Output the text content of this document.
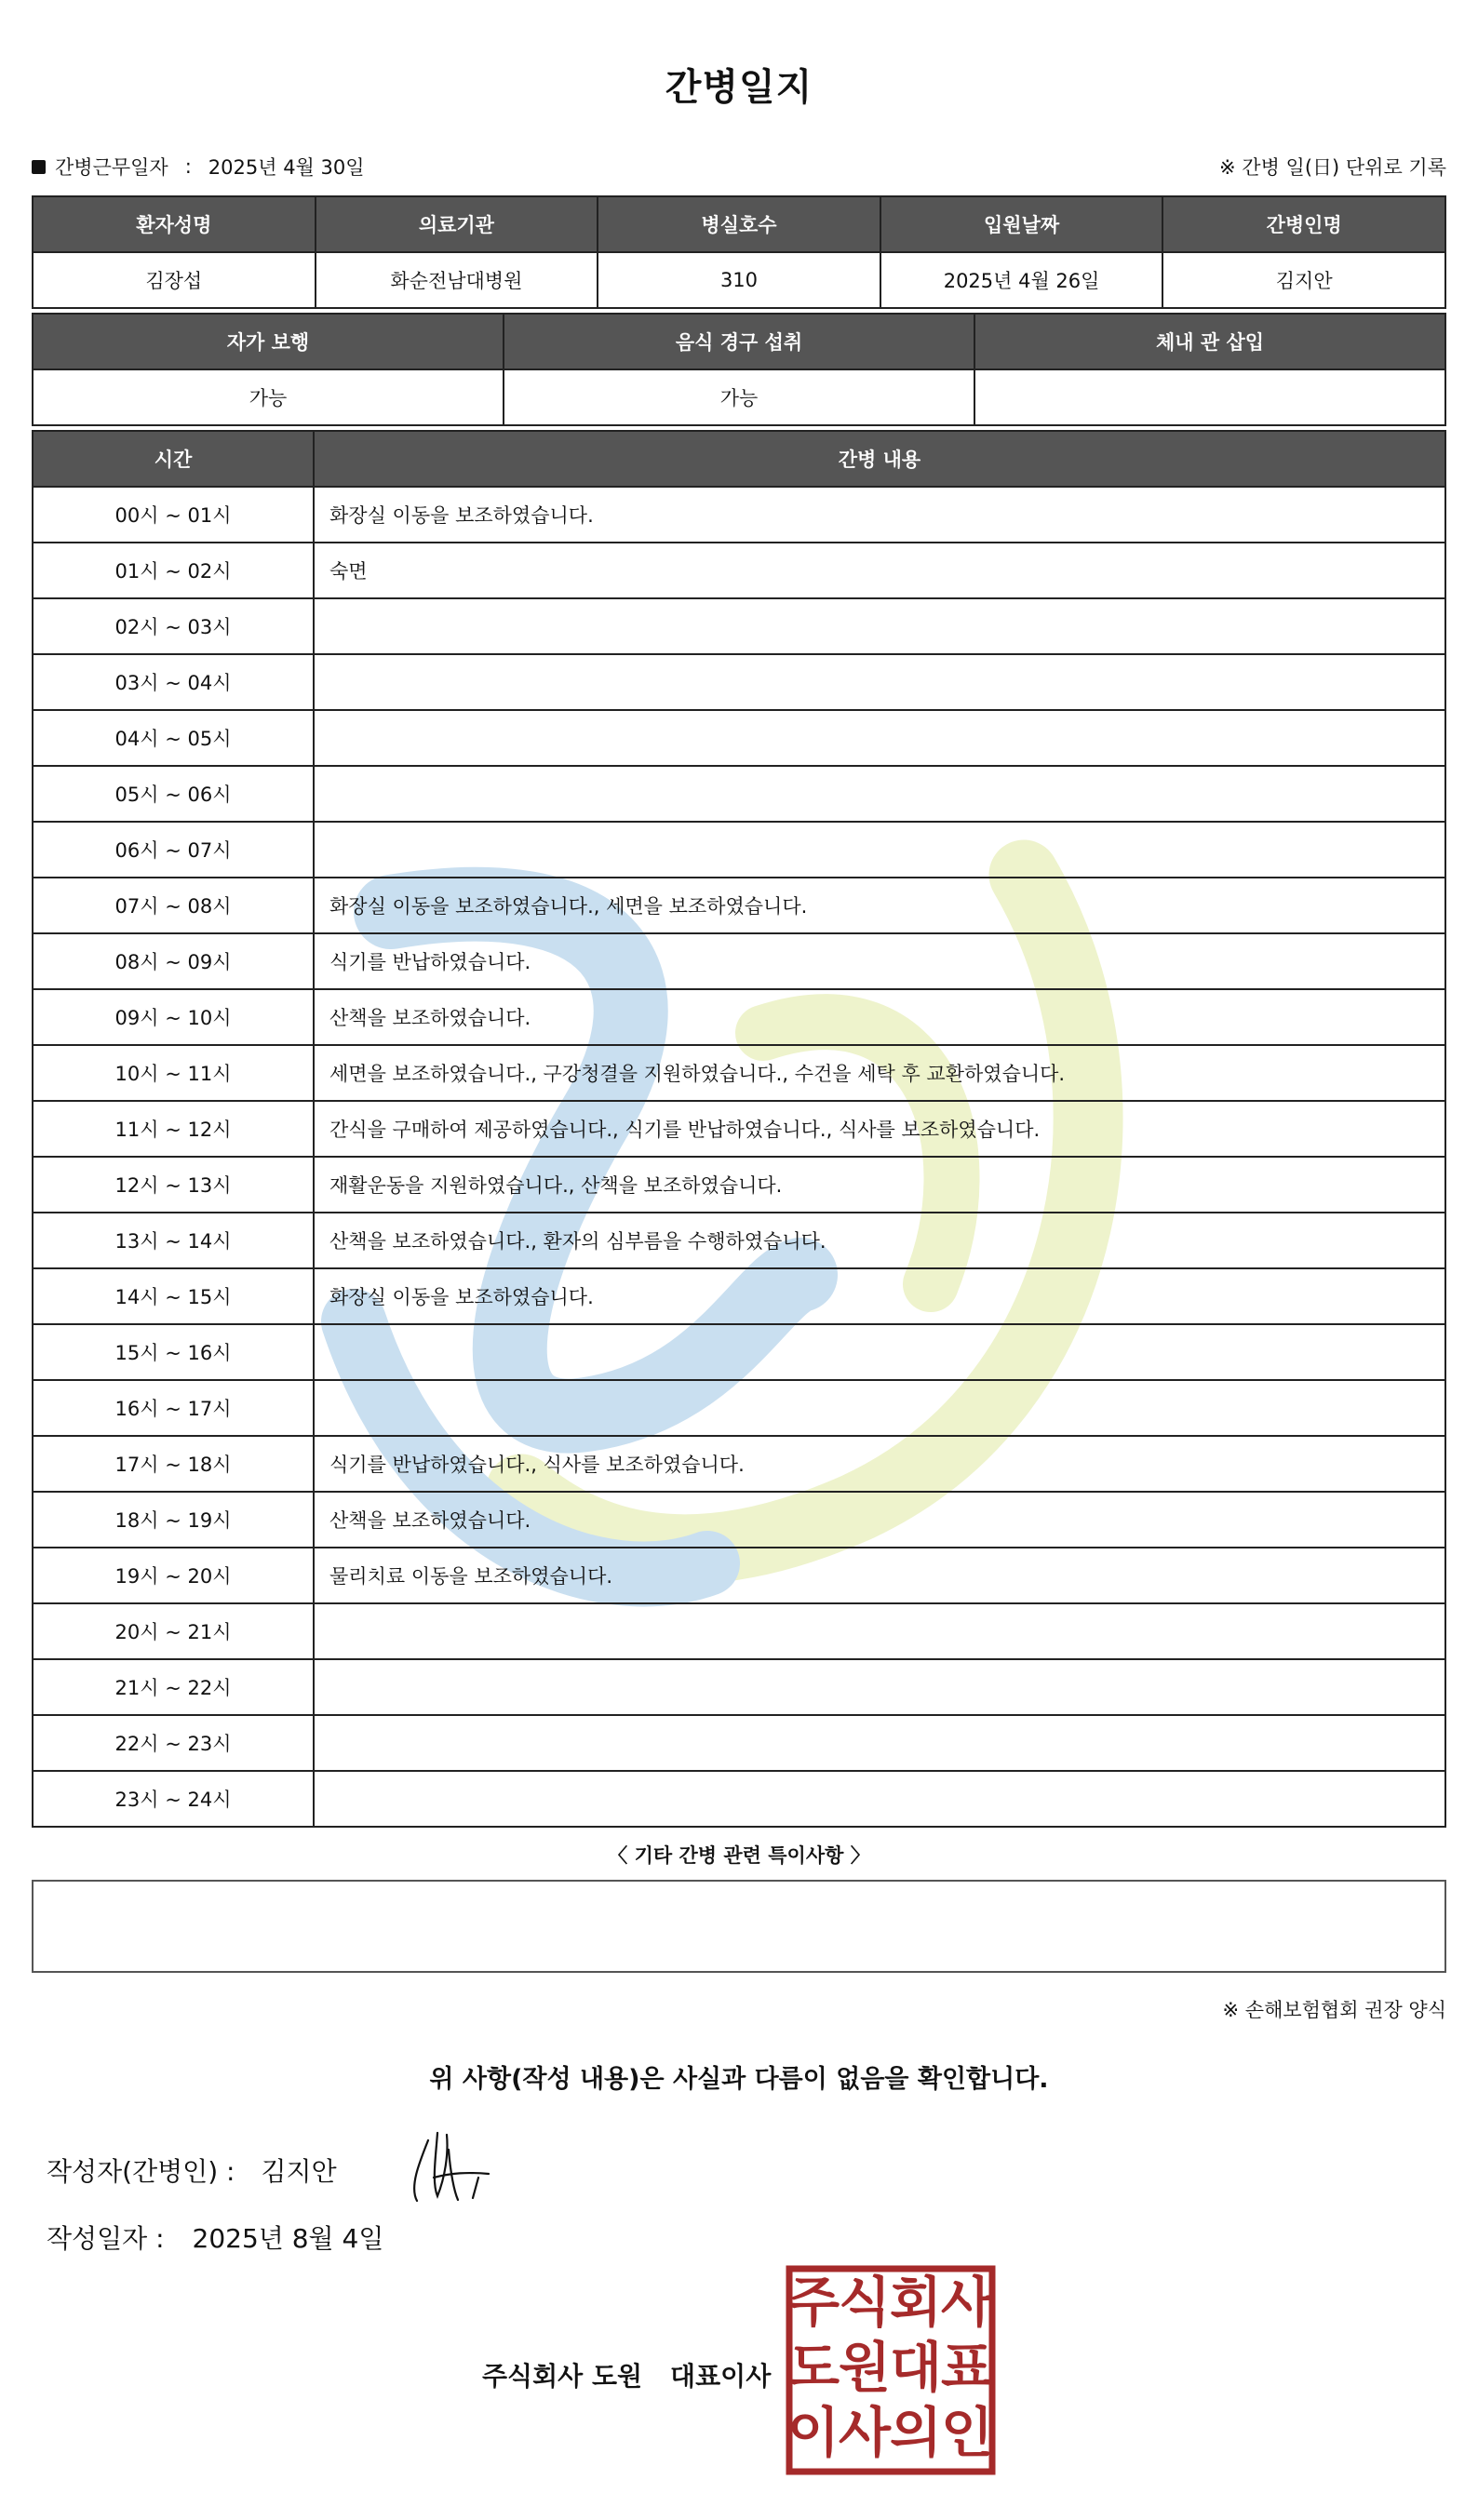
간병일지
간병근무일자 : 2025년 4월 30일	※ 간병 일(日) 단위로 기록
환자성명	의료기관	병실호수	입원날짜	간병인명
김장섭	화순전남대병원	310	2025년 4월 26일	김지안
자가 보행	음식 경구 섭취	체내 관 삽입
가능	가능	
시간	간병 내용
00시 ~ 01시	화장실 이동을 보조하였습니다.
01시 ~ 02시	숙면
02시 ~ 03시	
03시 ~ 04시	
04시 ~ 05시	
05시 ~ 06시	
06시 ~ 07시	
07시 ~ 08시	화장실 이동을 보조하였습니다., 세면을 보조하였습니다.
08시 ~ 09시	식기를 반납하였습니다.
09시 ~ 10시	산책을 보조하였습니다.
10시 ~ 11시	세면을 보조하였습니다., 구강청결을 지원하였습니다., 수건을 세탁 후 교환하였습니다.
11시 ~ 12시	간식을 구매하여 제공하였습니다., 식기를 반납하였습니다., 식사를 보조하였습니다.
12시 ~ 13시	재활운동을 지원하였습니다., 산책을 보조하였습니다.
13시 ~ 14시	산책을 보조하였습니다., 환자의 심부름을 수행하였습니다.
14시 ~ 15시	화장실 이동을 보조하였습니다.
15시 ~ 16시	
16시 ~ 17시	
17시 ~ 18시	식기를 반납하였습니다., 식사를 보조하였습니다.
18시 ~ 19시	산책을 보조하였습니다.
19시 ~ 20시	물리치료 이동을 보조하였습니다.
20시 ~ 21시	
21시 ~ 22시	
22시 ~ 23시	
23시 ~ 24시	
〈 기타 간병 관련 특이사항 〉
※ 손해보험협회 권장 양식
위 사항(작성 내용)은 사실과 다름이 없음을 확인합니다.
작성자(간병인) : 김지안
작성일자 : 2025년 8월 4일
주식회사 도원 대표이사
주
식
회
사
도
원
대
표
이
사
의
인
